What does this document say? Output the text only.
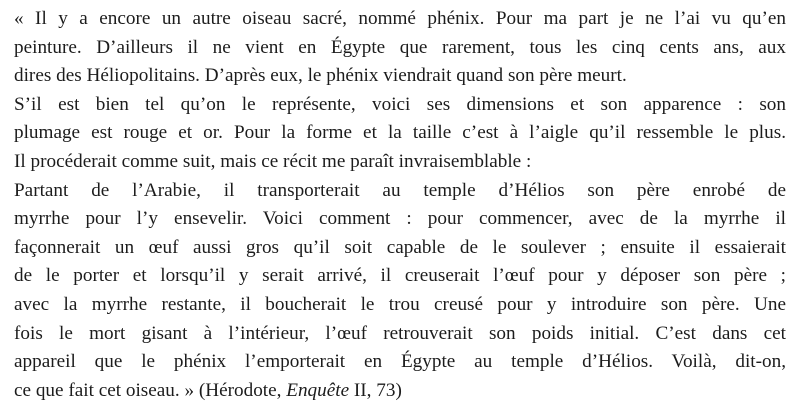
« Il y a encore un autre oiseau sacré, nommé phénix. Pour ma part je ne l’ai vu qu’en
peinture. D’ailleurs il ne vient en Égypte que rarement, tous les cinq cents ans, aux
dires des Héliopolitains. D’après eux, le phénix viendrait quand son père meurt.
S’il est bien tel qu’on le représente, voici ses dimensions et son apparence : son
plumage est rouge et or. Pour la forme et la taille c’est à l’aigle qu’il ressemble le plus.
Il procéderait comme suit, mais ce récit me paraît invraisemblable :
Partant de l’Arabie, il transporterait au temple d’Hélios son père enrobé de
myrrhe pour l’y ensevelir. Voici comment : pour commencer, avec de la myrrhe il
façonnerait un œuf aussi gros qu’il soit capable de le soulever ; ensuite il essaierait
de le porter et lorsqu’il y serait arrivé, il creuserait l’œuf pour y déposer son père ;
avec la myrrhe restante, il boucherait le trou creusé pour y introduire son père. Une
fois le mort gisant à l’intérieur, l’œuf retrouverait son poids initial. C’est dans cet
appareil que le phénix l’emporterait en Égypte au temple d’Hélios. Voilà, dit-on,
ce que fait cet oiseau. » (Hérodote, Enquête II, 73)
